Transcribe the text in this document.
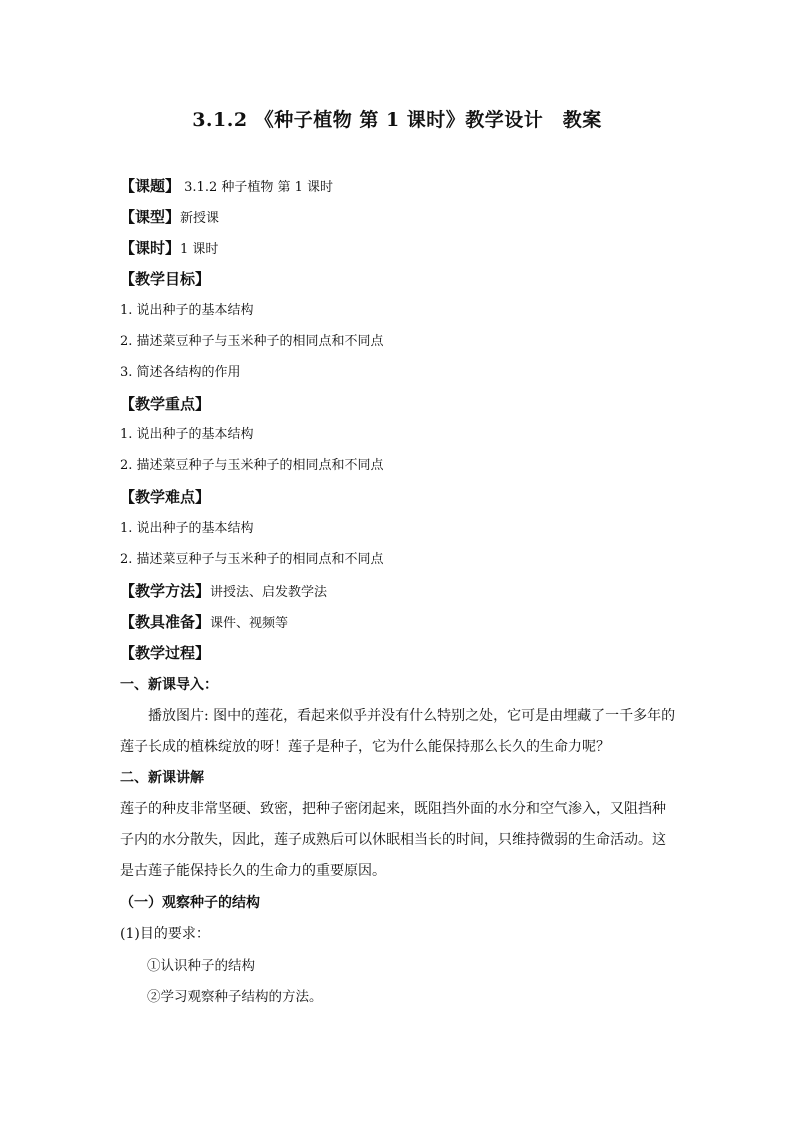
3.1.2 《种子植物 第 1 课时》教学设计　教案
【课题】 3.1.2 种子植物 第 1 课时
【课型】新授课
【课时】1 课时
【教学目标】
1. 说出种子的基本结构
2. 描述菜豆种子与玉米种子的相同点和不同点
3. 简述各结构的作用
【教学重点】
1. 说出种子的基本结构
2. 描述菜豆种子与玉米种子的相同点和不同点
【教学难点】
1. 说出种子的基本结构
2. 描述菜豆种子与玉米种子的相同点和不同点
【教学方法】讲授法、启发教学法
【教具准备】课件、视频等
【教学过程】
一、新课导入：
播放图片: 图中的莲花，看起来似乎并没有什么特别之处，它可是由埋藏了一千多年的莲子长成的植株绽放的呀！莲子是种子，它为什么能保持那么长久的生命力呢？
二、新课讲解
莲子的种皮非常坚硬、致密，把种子密闭起来，既阻挡外面的水分和空气渗入，又阻挡种子内的水分散失，因此，莲子成熟后可以休眠相当长的时间，只维持微弱的生命活动。这是古莲子能保持长久的生命力的重要原因。
（一）观察种子的结构
(1)目的要求：
①认识种子的结构
②学习观察种子结构的方法。
